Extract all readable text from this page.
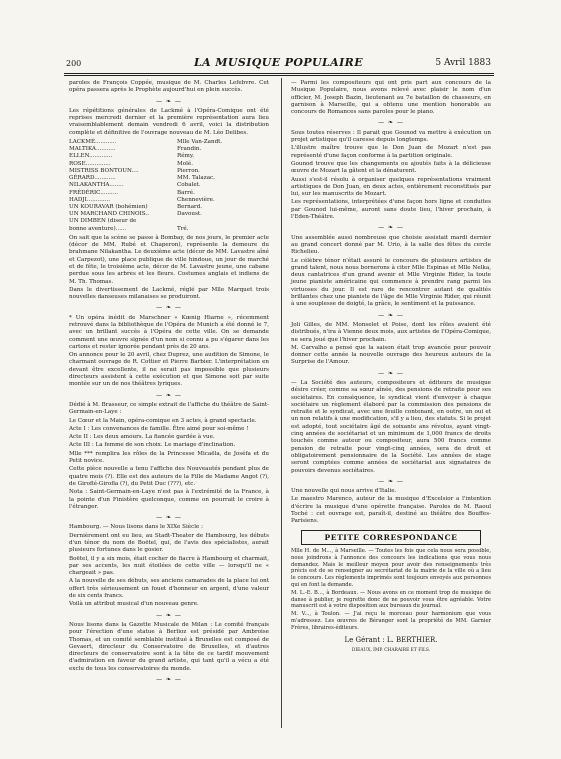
200	LA MUSIQUE POPULAIRE	5 Avril 1883

paroles de François Coppée, musique de M. Charles Lefebvre. Cet opéra passera après le Prophète aujourd'hui en plein succès.

— ❧ —

Les répétitions générales de Lackmé à l'Opéra-Comique ont été reprises mercredi dernier et la première représentation aura lieu vraisemblablement demain vendredi 6 avril, voici la distribution complète et définitive de l'ouvrage nouveau de M. Léo Delibes.

LACKMÉ............	Mlle Van-Zandt.
MALTIKA...........	Frandin.
ELLEN.............	Rémy.
ROSE..............	Molé.
MISTRISS BONTOUN....	Pierron.
GÉRARD............	MM. Talazac.
NILAKANTHA........	Cobalet.
FRÉDÉRIC..........	Barré.
HADJI.............	Chennevière.
UN KOURAVAR (bohémien)	Bernard.
UN MARCHAND CHINOIS..	Davoust.
UN DIMBEN (diseur de	
bonne aventure)......	Tré.

On sait que la scène se passe à Bombay, de nos jours, le premier acte (décor de MM. Rubé et Chaperon), représente la demeure du brahmane Nilakantha. Le deuxième acte (décor de MM. Lavastre aîné et Carpezot), une place publique de ville hindoue, un jour de marché et de fête, le troisième acte, décor de M. Lavastre jeune, une cabane perdue sous les arbres et les fleurs. Costumes anglais et indiens de M. Th. Thomas.

Dans le divertissement de Lackmé, réglé par Mlle Marquet trois nouvelles danseuses milanaises se produiront.

— ❧ —

* Un opéra inédit de Marschner « Kœnig Hiarne », récemment retrouvé dans la bibliothèque de l'Opéra de Munich a été donné le 7, avec un brillant succès à l'Opéra de cette ville. On se demande comment une œuvre signée d'un nom si connu a pu s'égarer dans les cartons et rester ignorée pendant près de 20 ans.

On annonce pour le 20 avril, chez Duprez, une audition de Simone, le charmant ouvrage de R. Cottier et Pierre Barbier. L'interprétation en devant être excellente, il ne serait pas impossible que plusieurs directeurs assistent à cette exécution et que Simone soit par suite montée sur un de nos théâtres lyriques.

— ❧ —

Dédié à M. Brasseur, ce simple extrait de l'affiche du théâtre de Saint-Germain-en-Laye :

Le Cœur et la Main, opéra-comique en 3 actes, à grand spectacle.

Acte I : Les convenances de famille. Être aimé pour soi-même !

Acte II : Les deux amours. La fiancée gardée à vue.

Acte III : La femme de son choix. Le mariage d'inclination.

Mlle *** remplira les rôles de la Princesse Micaëla, de Joséfa et du Petit novice.

Cette pièce nouvelle a tenu l'affiche des Nouveautés pendant plus de quatre mois (?). Elle est des auteurs de la Fille de Madame Angot (?), de Giroflé-Girofla (?), du Petit Duc (???), etc.

Nota : Saint-Germain-en-Laye n'est pas à l'extrémité de la France, à la pointe d'un Finistère quelconque, comme on pourrait le croire à l'étranger.

— ❧ —

Hambourg. — Nous lisons dans le XIXe Siècle :

Dernièrement ont eu lieu, au Stadt-Theater de Hambourg, les débuts d'un ténor du nom de Boëtel, qui, de l'avis des spécialistes, aurait plusieurs fortunes dans le gosier.

Boëtel, il y a six mois, était cocher de fiacre à Hambourg et charmait, par ses accents, les nuit étoilées de cette ville — lorsqu'il ne « chargeait » pas.

A la nouvelle de ses débuts, ses anciens camarades de la place lui ont offert très sérieusement un fouet d'honneur en argent, d'une valeur de six cents francs.

Voilà un attribut musical d'un nouveau genre.

— ❧ —

Nous lisons dans la Gazette Musicale de Milan : Le comité français pour l'érection d'une statue à Berlioz est présidé par Ambroise Thomas, et un comité semblable institué à Bruxelles est composé de Gevaert, directeur du Conservatoire de Bruxelles, et d'autres directeurs de conservatoire sont à la tête de ce tardif mouvement d'admiration en faveur du grand artiste, qui tant qu'il a vécu a été exclu de tous les conservatoires du monde.

— ❧ —

— Parmi les compositeurs qui ont pris part aux concours de la Musique Populaire, nous avons relevé avec plaisir le nom d'un officier, M. Joseph Bazin, lieutenant au 7e bataillon de chasseurs, en garnison à Marseille, qui a obtenu une mention honorable au concours de Romances sans paroles pour le piano.

— ❧ —

Sous toutes réserves : Il parait que Gounod va mettre à exécution un projet artistique qu'il caresse depuis longtemps.

L'illustre maître trouve que le Don Juan de Mozart n'est pas représenté d'une façon conforme à la partition originale.

Gounod trouve que les changements ou ajoutés faits à la délicieuse œuvre de Mozart la gâtent et la dénaturent.

Aussi s'est-il résolu à organiser quelques représentations vraiment artistiques de Don Juan, en deux actes, entièrement reconstitués par lui, sur les manuscrits de Mozart.

Les représentations, interprétées d'une façon hors ligne et conduites par Gounod lui-même, auront sans doute lieu, l'hiver prochain, à l'Eden-Théâtre.

— ❧ —

Une assemblée aussi nombreuse que choisie assistait mardi dernier au grand concert donné par M. Urio, à la salle des fêtes du cercle Richelieu.

Le célèbre ténor n'était assuré le concours de plusieurs artistes de grand talent, nous nous bornerons à citer Mlle Espinas et Mlle Nelka, deux cantatrices d'un grand avenir et Mlle Virginie Rider, la toute jeune pianiste américaine qui commence à prendre rang parmi les virtuoses du jour. Il est rare de rencontrer autant de qualités brillantes chez une pianiste de l'âge de Mlle Virginie Rider, qui réunit à une souplesse de doigté, la grâce, le sentiment et la puissance.

— ❧ —

Joli Gilles, de MM. Monselet et Poise, dont les rôles avaient été distribués, n'ira à Vienne deux mois, aux artistes de l'Opéra-Comique, ne sera joué que l'hiver prochain.

M. Carvalho a pensé que la saison était trop avancée pour pouvoir donner cette année la nouvelle ouvrage des heureux auteurs de la Surprise de l'Amour.

— ❧ —

— La Société des auteurs, compositeurs et éditeurs de musique désire créer, comme sa sœur aînée, des pensions de retraite pour ses sociétaires. En conséquence, le syndicat vient d'envoyer à chaque sociétaire un règlement élaboré par la commission des pensions de retraite et le syndicat, avec une feuille contenant, en outre, un oui et un non relatifs à une modification, s'il y a lieu, des statuts. Si le projet est adopté, tout sociétaire âgé de soixante ans révolus, ayant vingt-cinq années de sociétariat et un minimum de 1,000 francs de droits touchés comme auteur ou compositeur, aura 500 francs comme pension de retraite pour vingt-cinq années, sera de droit et obligatoirement pensionnaire de la Société. Les années de stage seront comptées comme années de sociétariat aux signataires de pouvoirs devenus sociétaires.

— ❧ —

Une nouvelle qui nous arrive d'Italie.

Le maestro Marenco, auteur de la musique d'Excelsior a l'intention d'écrire la musique d'une opérette française. Paroles de M. Raoul Toché : cet ouvrage est, paraît-il, destiné au théâtre des Bouffes-Parisiens.

PETITE CORRESPONDANCE

Mlle H. de M..., à Marseille. — Toutes les fois que cela nous sera possible, nous joindrons à l'annonce des concours les indications que vous nous demandez. Mais le meilleur moyen pour avoir des renseignements très précis est de se renseigner au secrétariat de la mairie de la ville où a lieu le concours. Les règlements imprimés sont toujours envoyés aux personnes qui en font la demande.

M. L.-E. B..., à Bordeaux. — Nous avons en ce moment trop de musique de danse à publier, je regrette donc de ne pouvoir vous être agréable. Votre manuscrit est à votre disposition aux bureaux du journal.

M. V..., à Toulon. — J'ai reçu le morceau pour harmonium que vous m'adressez. Les œuvres de Béranger sont la propriété de MM. Garnier Frères, libraires-éditeurs.

Le Gérant : L. BERTHIER.
DIEAUX, IMP. CHARAIRE ET FILS.
